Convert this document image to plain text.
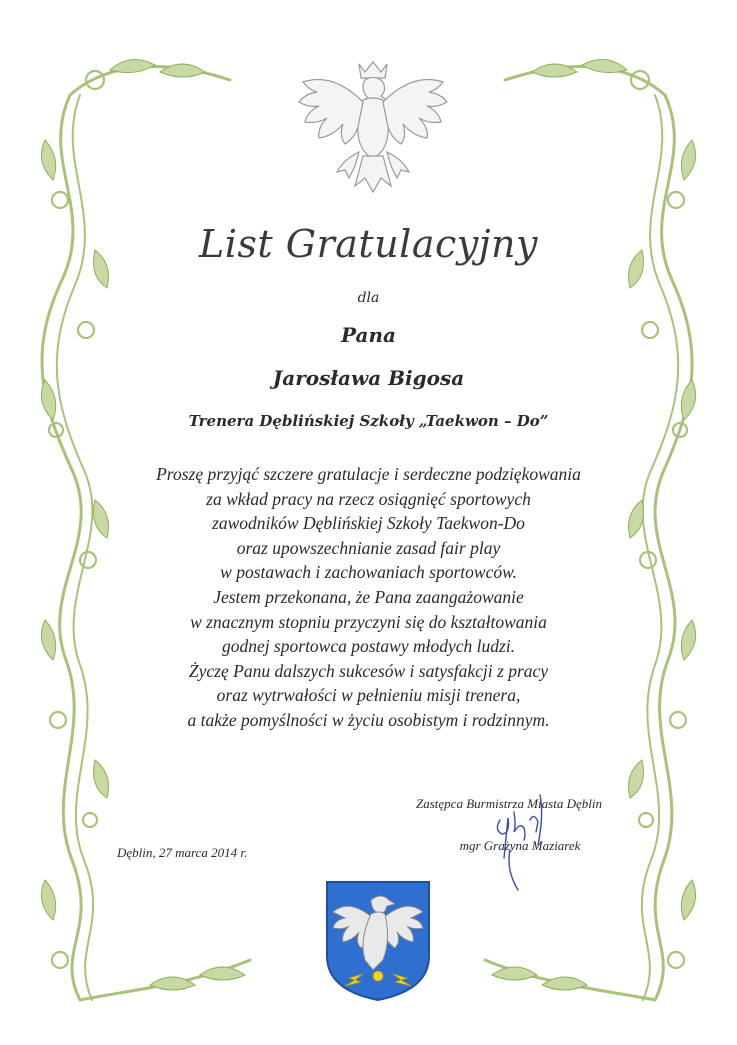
List Gratulacyjny
dla
Pana
Jarosława Bigosa
Trenera Dęblińskiej Szkoły „Taekwon – Do”
Proszę przyjąć szczere gratulacje i serdeczne podziękowania
za wkład pracy na rzecz osiągnięć sportowych
zawodników Dęblińskiej Szkoły Taekwon-Do
oraz upowszechnianie zasad fair play
w postawach i zachowaniach sportowców.
Jestem przekonana, że Pana zaangażowanie
w znacznym stopniu przyczyni się do kształtowania
godnej sportowca postawy młodych ludzi.
Życzę Panu dalszych sukcesów i satysfakcji z pracy
oraz wytrwałości w pełnieniu misji trenera,
a także pomyślności w życiu osobistym i rodzinnym.
Zastępca Burmistrza Miasta Dęblin
mgr Grażyna Maziarek
Dęblin, 27 marca 2014 r.
